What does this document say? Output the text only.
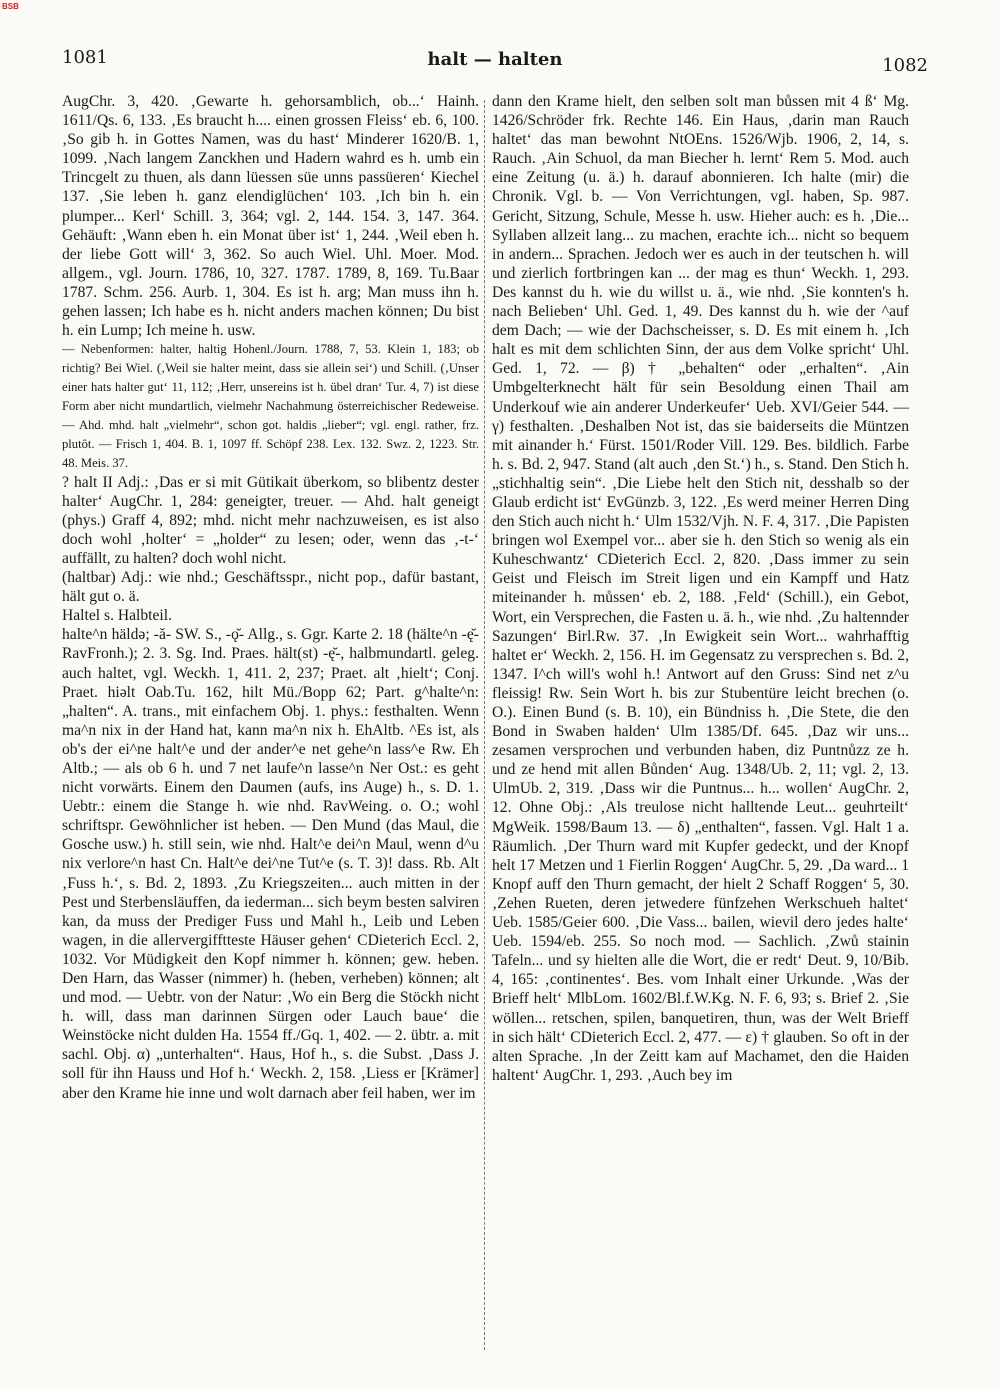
BSB
1081	halt — halten	1082

AugChr. 3, 420. ‚Gewarte h. gehorsamblich, ob...‘ Hainh. 1611/Qs. 6, 133. ‚Es braucht h.... einen grossen Fleiss‘ eb. 6, 100. ‚So gib h. in Gottes Namen, was du hast‘ Minderer 1620/B. 1, 1099. ‚Nach langem Zanckhen und Hadern wahrd es h. umb ein Trincgelt zu thuen, als dann lüessen süe unns passüeren‘ Kiechel 137. ‚Sie leben h. ganz elendiglüchen‘ 103. ‚Ich bin h. ein plumper... Kerl‘ Schill. 3, 364; vgl. 2, 144. 154. 3, 147. 364. Gehäuft: ‚Wann eben h. ein Monat über ist‘ 1, 244. ‚Weil eben h. der liebe Gott will‘ 3, 362. So auch Wiel. Uhl. Moer. Mod. allgem., vgl. Journ. 1786, 10, 327. 1787. 1789, 8, 169. Tu.Baar 1787. Schm. 256. Aurb. 1, 304. Es ist h. arg; Man muss ihn h. gehen lassen; Ich habe es h. nicht anders machen können; Du bist h. ein Lump; Ich meine h. usw.

— Nebenformen: halter, haltig Hohenl./Journ. 1788, 7, 53. Klein 1, 183; ob richtig? Bei Wiel. (‚Weil sie halter meint, dass sie allein sei‘) und Schill. (‚Unser einer hats halter gut‘ 11, 112; ‚Herr, unsereins ist h. übel dran‘ Tur. 4, 7) ist diese Form aber nicht mundartlich, vielmehr Nachahmung österreichischer Redeweise. — Ahd. mhd. halt „vielmehr“, schon got. haldis „lieber“; vgl. engl. rather, frz. plutôt. — Frisch 1, 404. B. 1, 1097 ff. Schöpf 238. Lex. 132. Swz. 2, 1223. Str. 48. Meis. 37.

? halt II Adj.: ‚Das er si mit Gütikait überkom, so blibentz dester halter‘ AugChr. 1, 284: geneigter, treuer. — Ahd. halt geneigt (phys.) Graff 4, 892; mhd. nicht mehr nachzuweisen, es ist also doch wohl ‚holter‘ = „holder“ zu lesen; oder, wenn das ‚-t-‘ auffällt, zu halten? doch wohl nicht.

(haltbar) Adj.: wie nhd.; Geschäftsspr., nicht pop., dafür bastant, hält gut o. ä.

Haltel s. Halbteil.

halte^n häldə; -ă- SW. S., -ǫ̆- Allg., s. Ggr. Karte 2. 18 (hälte^n -ę̆- RavFronh.); 2. 3. Sg. Ind. Praes. hält(st) -ę̆-, halbmundartl. geleg. auch haltet, vgl. Weckh. 1, 411. 2, 237; Praet. alt ‚hielt‘; Conj. Praet. hiəlt Oab.Tu. 162, hilt Mü./Bopp 62; Part. g^halte^n: „halten“. A. trans., mit einfachem Obj. 1. phys.: festhalten. Wenn ma^n nix in der Hand hat, kann ma^n nix h. EhAltb. ^Es ist, als ob's der ei^ne halt^e und der ander^e net gehe^n lass^e Rw. Eh Altb.; — als ob 6 h. und 7 net laufe^n lasse^n Ner Ost.: es geht nicht vorwärts. Einem den Daumen (aufs, ins Auge) h., s. D. 1. Uebtr.: einem die Stange h. wie nhd. RavWeing. o. O.; wohl schriftspr. Gewöhnlicher ist heben. — Den Mund (das Maul, die Gosche usw.) h. still sein, wie nhd. Halt^e dei^n Maul, wenn d^u nix verlore^n hast Cn. Halt^e dei^ne Tut^e (s. T. 3)! dass. Rb. Alt ‚Fuss h.‘, s. Bd. 2, 1893. ‚Zu Kriegszeiten... auch mitten in der Pest und Sterbensläuffen, da iederman... sich beym besten salviren kan, da muss der Prediger Fuss und Mahl h., Leib und Leben wagen, in die allervergifftteste Häuser gehen‘ CDieterich Eccl. 2, 1032. Vor Müdigkeit den Kopf nimmer h. können; gew. heben. Den Harn, das Wasser (nimmer) h. (heben, verheben) können; alt und mod. — Uebtr. von der Natur: ‚Wo ein Berg die Stöckh nicht h. will, dass man darinnen Sürgen oder Lauch baue‘ die Weinstöcke nicht dulden Ha. 1554 ff./Gq. 1, 402. — 2. übtr. a. mit sachl. Obj. α) „unterhalten“. Haus, Hof h., s. die Subst. ‚Dass J. soll für ihn Hauss und Hof h.‘ Weckh. 2, 158. ‚Liess er [Krämer] aber den Krame hie inne und wolt darnach aber feil haben, wer im

dann den Krame hielt, den selben solt man bůssen mit 4 ß‘ Mg. 1426/Schröder frk. Rechte 146. Ein Haus, ‚darin man Rauch haltet‘ das man bewohnt NtOEns. 1526/Wjb. 1906, 2, 14, s. Rauch. ‚Ain Schuol, da man Biecher h. lernt‘ Rem 5. Mod. auch eine Zeitung (u. ä.) h. darauf abonnieren. Ich halte (mir) die Chronik. Vgl. b. — Von Verrichtungen, vgl. haben, Sp. 987. Gericht, Sitzung, Schule, Messe h. usw. Hieher auch: es h. ‚Die... Syllaben allzeit lang... zu machen, erachte ich... nicht so bequem in andern... Sprachen. Jedoch wer es auch in der teutschen h. will und zierlich fortbringen kan ... der mag es thun‘ Weckh. 1, 293. Des kannst du h. wie du willst u. ä., wie nhd. ‚Sie konnten's h. nach Belieben‘ Uhl. Ged. 1, 49. Des kannst du h. wie der ^auf dem Dach; — wie der Dachscheisser, s. D. Es mit einem h. ‚Ich halt es mit dem schlichten Sinn, der aus dem Volke spricht‘ Uhl. Ged. 1, 72. — β) † „behalten“ oder „erhalten“. ‚Ain Umbgelterknecht hält für sein Besoldung einen Thail am Underkouf wie ain anderer Underkeufer‘ Ueb. XVI/Geier 544. — γ) festhalten. ‚Deshalben Not ist, das sie baiderseits die Müntzen mit ainander h.‘ Fürst. 1501/Roder Vill. 129. Bes. bildlich. Farbe h. s. Bd. 2, 947. Stand (alt auch ‚den St.‘) h., s. Stand. Den Stich h. „stichhaltig sein“. ‚Die Liebe helt den Stich nit, desshalb so der Glaub erdicht ist‘ EvGünzb. 3, 122. ‚Es werd meiner Herren Ding den Stich auch nicht h.‘ Ulm 1532/Vjh. N. F. 4, 317. ‚Die Papisten bringen wol Exempel vor... aber sie h. den Stich so wenig als ein Kuheschwantz‘ CDieterich Eccl. 2, 820. ‚Dass immer zu sein Geist und Fleisch im Streit ligen und ein Kampff und Hatz miteinander h. můssen‘ eb. 2, 188. ‚Feld‘ (Schill.), ein Gebot, Wort, ein Versprechen, die Fasten u. ä. h., wie nhd. ‚Zu haltennder Sazungen‘ Birl.Rw. 37. ‚In Ewigkeit sein Wort... wahrhafftig haltet er‘ Weckh. 2, 156. H. im Gegensatz zu versprechen s. Bd. 2, 1347. I^ch will's wohl h.! Antwort auf den Gruss: Sind net z^u fleissig! Rw. Sein Wort h. bis zur Stubentüre leicht brechen (o. O.). Einen Bund (s. B. 10), ein Bündniss h. ‚Die Stete, die den Bond in Swaben halden‘ Ulm 1385/Df. 645. ‚Daz wir uns... zesamen versprochen und verbunden haben, diz Puntnůzz ze h. und ze hend mit allen Bůnden‘ Aug. 1348/Ub. 2, 11; vgl. 2, 13. UlmUb. 2, 319. ‚Dass wir die Puntnus... h... wollen‘ AugChr. 2, 12. Ohne Obj.: ‚Als treulose nicht halltende Leut... geuhrteilt‘ MgWeik. 1598/Baum 13. — δ) „enthalten“, fassen. Vgl. Halt 1 a. Räumlich. ‚Der Thurn ward mit Kupfer gedeckt, und der Knopf helt 17 Metzen und 1 Fierlin Roggen‘ AugChr. 5, 29. ‚Da ward... 1 Knopf auff den Thurn gemacht, der hielt 2 Schaff Roggen‘ 5, 30. ‚Zehen Rueten, deren jetwedere fünfzehen Werkschueh haltet‘ Ueb. 1585/Geier 600. ‚Die Vass... bailen, wievil dero jedes halte‘ Ueb. 1594/eb. 255. So noch mod. — Sachlich. ‚Zwů stainin Tafeln... und sy hielten alle die Wort, die er redt‘ Deut. 9, 10/Bib. 4, 165: ‚continentes‘. Bes. vom Inhalt einer Urkunde. ‚Was der Brieff helt‘ MlbLom. 1602/Bl.f.W.Kg. N. F. 6, 93; s. Brief 2. ‚Sie wöllen... retschen, spilen, banquetiren, thun, was der Welt Brieff in sich hält‘ CDieterich Eccl. 2, 477. — ε) † glauben. So oft in der alten Sprache. ‚In der Zeitt kam auf Machamet, den die Haiden haltent‘ AugChr. 1, 293. ‚Auch bey im
